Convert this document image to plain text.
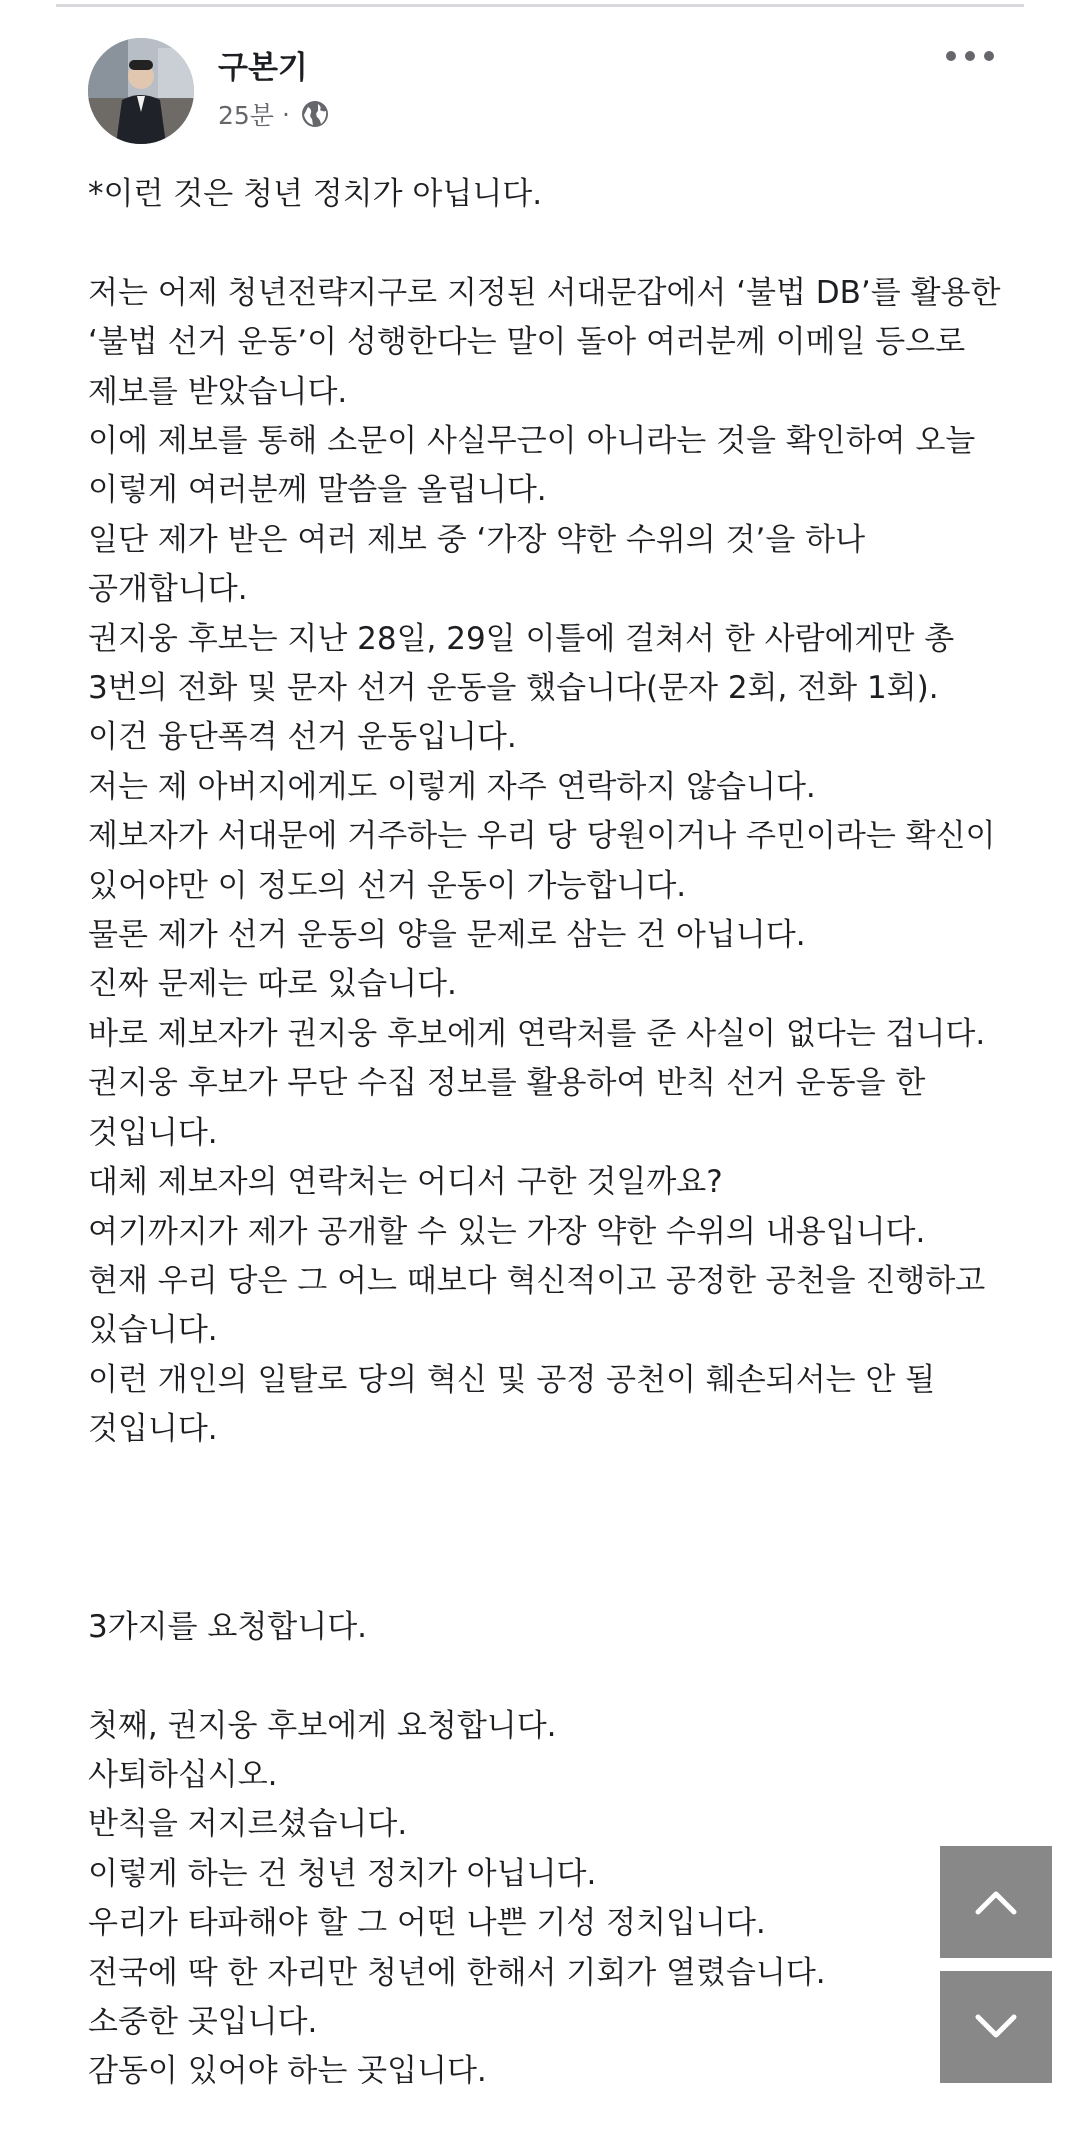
구본기
25분 ·

*이런 것은 청년 정치가 아닙니다.

저는 어제 청년전략지구로 지정된 서대문갑에서 ‘불법 DB’를 활용한

‘불법 선거 운동’이 성행한다는 말이 돌아 여러분께 이메일 등으로

제보를 받았습니다.

이에 제보를 통해 소문이 사실무근이 아니라는 것을 확인하여 오늘

이렇게 여러분께 말씀을 올립니다.

일단 제가 받은 여러 제보 중 ‘가장 약한 수위의 것’을 하나

공개합니다.

권지웅 후보는 지난 28일, 29일 이틀에 걸쳐서 한 사람에게만 총

3번의 전화 및 문자 선거 운동을 했습니다(문자 2회, 전화 1회).

이건 융단폭격 선거 운동입니다.

저는 제 아버지에게도 이렇게 자주 연락하지 않습니다.

제보자가 서대문에 거주하는 우리 당 당원이거나 주민이라는 확신이

있어야만 이 정도의 선거 운동이 가능합니다.

물론 제가 선거 운동의 양을 문제로 삼는 건 아닙니다.

진짜 문제는 따로 있습니다.

바로 제보자가 권지웅 후보에게 연락처를 준 사실이 없다는 겁니다.

권지웅 후보가 무단 수집 정보를 활용하여 반칙 선거 운동을 한

것입니다.

대체 제보자의 연락처는 어디서 구한 것일까요?

여기까지가 제가 공개할 수 있는 가장 약한 수위의 내용입니다.

현재 우리 당은 그 어느 때보다 혁신적이고 공정한 공천을 진행하고

있습니다.

이런 개인의 일탈로 당의 혁신 및 공정 공천이 훼손되서는 안 될

것입니다.

3가지를 요청합니다.

첫째, 권지웅 후보에게 요청합니다.

사퇴하십시오.

반칙을 저지르셨습니다.

이렇게 하는 건 청년 정치가 아닙니다.

우리가 타파해야 할 그 어떤 나쁜 기성 정치입니다.

전국에 딱 한 자리만 청년에 한해서 기회가 열렸습니다.

소중한 곳입니다.

감동이 있어야 하는 곳입니다.
